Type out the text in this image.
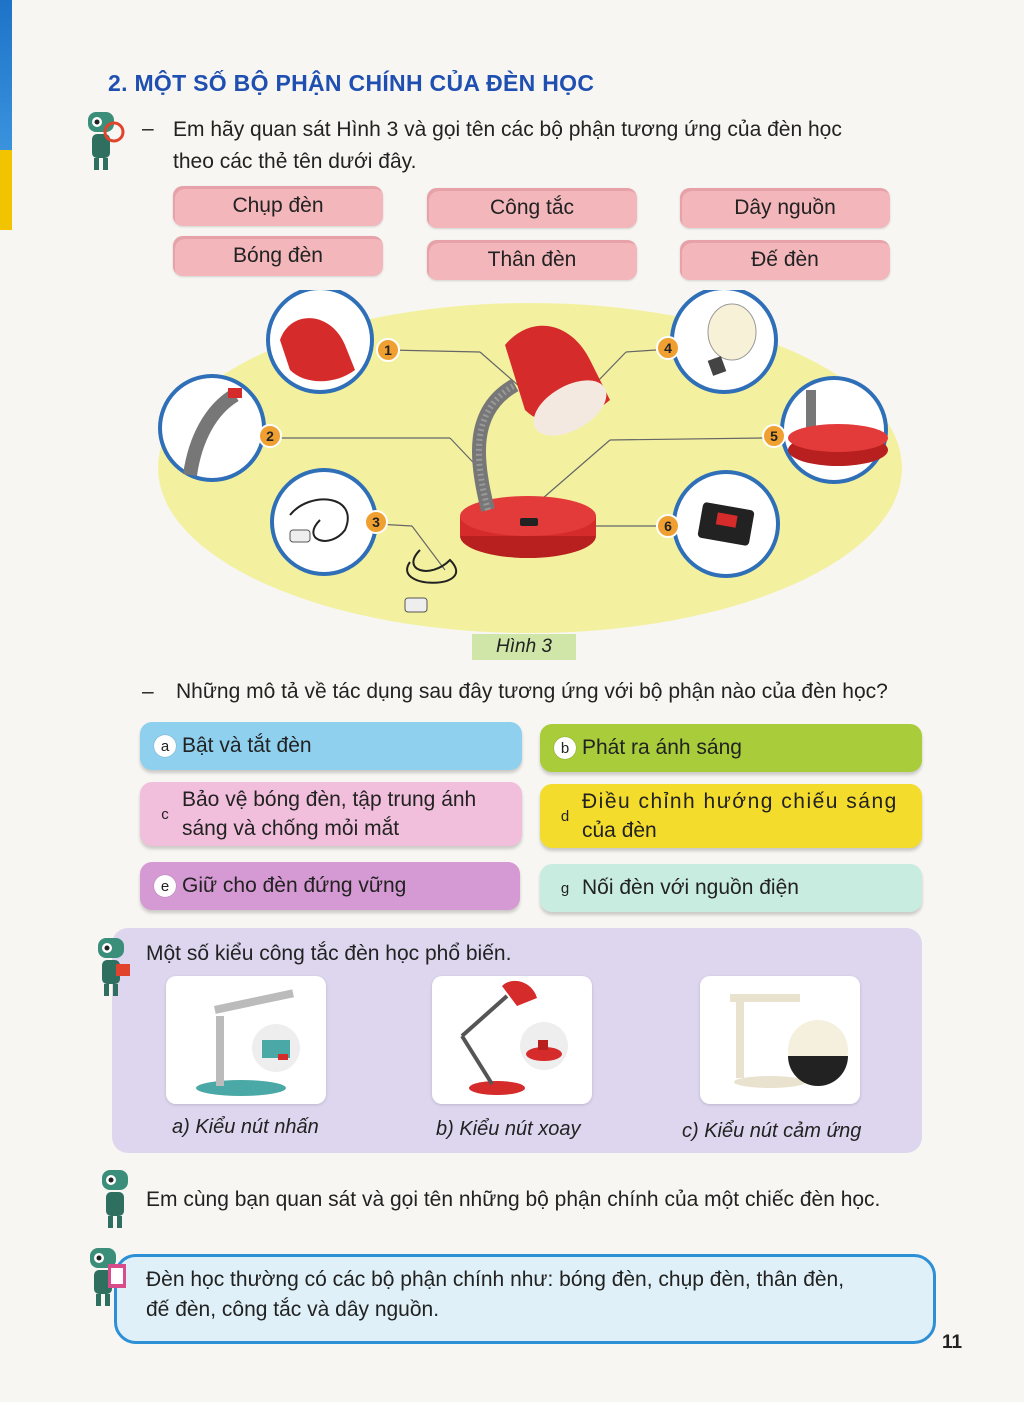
2. MỘT SỐ BỘ PHẬN CHÍNH CỦA ĐÈN HỌC
– Em hãy quan sát Hình 3 và gọi tên các bộ phận tương ứng của đèn học
theo các thẻ tên dưới đây.
Chụp đèn	Công tắc	Dây nguồn
Bóng đèn	Thân đèn	Đế đèn
1
2
3
4
5
6
Hình 3
– Những mô tả về tác dụng sau đây tương ứng với bộ phận nào của đèn học?
a Bật và tắt đèn	b Phát ra ánh sáng
c
Bảo vệ bóng đèn, tập trung ánh
sáng và chống mỏi mắt
d
Điều chỉnh hướng chiếu sáng
của đèn
e Giữ cho đèn đứng vững	g Nối đèn với nguồn điện
Một số kiểu công tắc đèn học phổ biến.
a) Kiểu nút nhấn	b) Kiểu nút xoay	c) Kiểu nút cảm ứng
Em cùng bạn quan sát và gọi tên những bộ phận chính của một chiếc đèn học.
Đèn học thường có các bộ phận chính như: bóng đèn, chụp đèn, thân đèn,
đế đèn, công tắc và dây nguồn.
11
